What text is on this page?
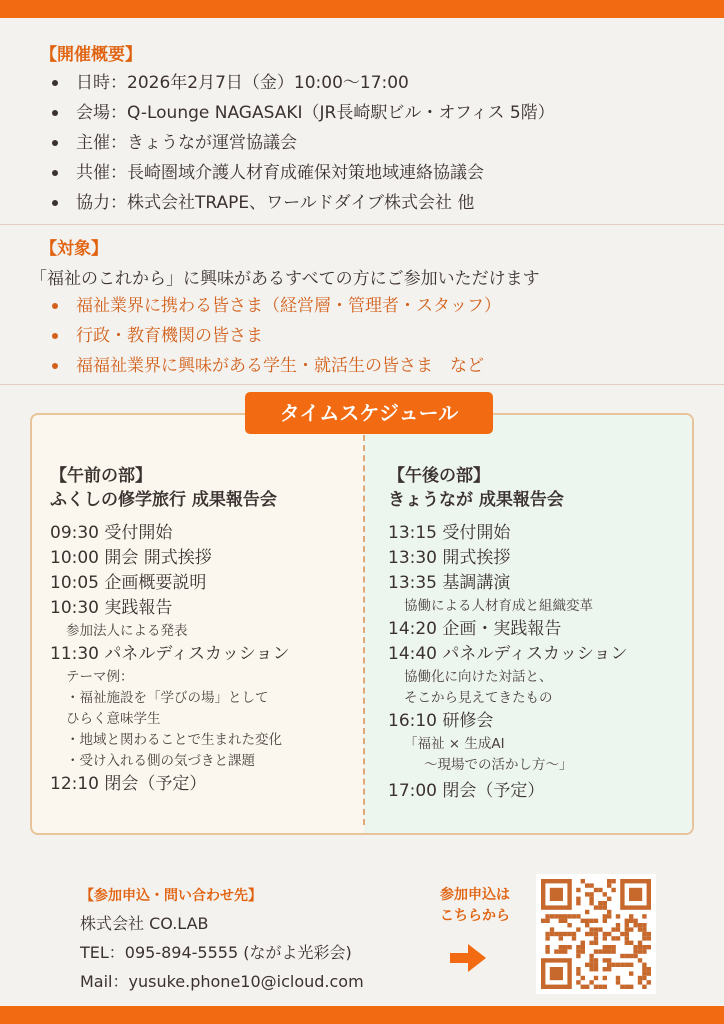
【開催概要】
日時：2026年2月7日（金）10:00〜17:00
会場：Q-Lounge NAGASAKI（JR長崎駅ビル・オフィス 5階）
主催：きょうなが運営協議会
共催：長崎圏域介護人材育成確保対策地域連絡協議会
協力：株式会社TRAPE、ワールドダイブ株式会社 他
【対象】
「福祉のこれから」に興味があるすべての方にご参加いただけます
福祉業界に携わる皆さま（経営層・管理者・スタッフ）
行政・教育機関の皆さま
福福祉業界に興味がある学生・就活生の皆さま　など
タイムスケジュール
【午前の部】
ふくしの修学旅行 成果報告会
09:30 受付開始
10:00 開会 開式挨拶
10:05 企画概要説明
10:30 実践報告
参加法人による発表
11:30 パネルディスカッション
テーマ例：
・福祉施設を「学びの場」として
ひらく意味学生
・地域と関わることで生まれた変化
・受け入れる側の気づきと課題
12:10 閉会（予定）
【午後の部】
きょうなが 成果報告会
13:15 受付開始
13:30 開式挨拶
13:35 基調講演
協働による人材育成と組織変革
14:20 企画・実践報告
14:40 パネルディスカッション
協働化に向けた対話と、
そこから見えてきたもの
16:10 研修会
「福祉 × 生成AI
〜現場での活かし方〜」
17:00 閉会（予定）
【参加申込・問い合わせ先】
株式会社 CO.LAB
TEL：095-894-5555 (ながよ光彩会)
Mail：yusuke.phone10@icloud.com
参加申込は
こちらから
